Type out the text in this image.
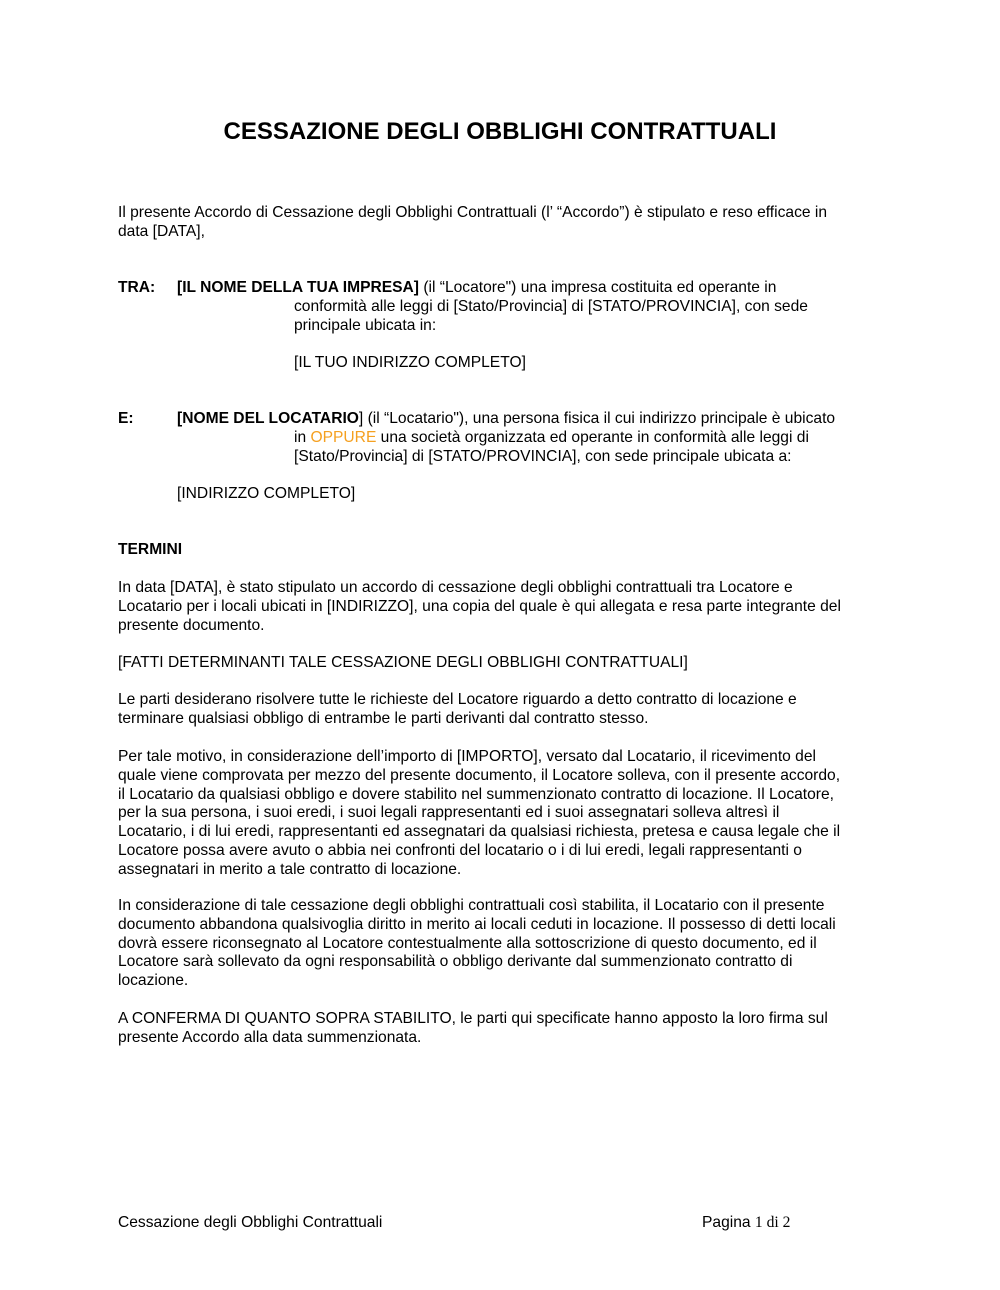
CESSAZIONE DEGLI OBBLIGHI CONTRATTUALI
Il presente Accordo di Cessazione degli Obblighi Contrattuali (l’ “Accordo”) è stipulato e reso efficace in
data [DATA],
TRA: [IL NOME DELLA TUA IMPRESA] (il “Locatore") una impresa costituita ed operante in
conformità alle leggi di [Stato/Provincia] di [STATO/PROVINCIA], con sede
principale ubicata in:
[IL TUO INDIRIZZO COMPLETO]
E:	[NOME DEL LOCATARIO] (il “Locatario"), una persona fisica il cui indirizzo principale è ubicato
in OPPURE una società organizzata ed operante in conformità alle leggi di
[Stato/Provincia] di [STATO/PROVINCIA], con sede principale ubicata a:
[INDIRIZZO COMPLETO]
TERMINI
In data [DATA], è stato stipulato un accordo di cessazione degli obblighi contrattuali tra Locatore e
Locatario per i locali ubicati in [INDIRIZZO], una copia del quale è qui allegata e resa parte integrante del
presente documento.
[FATTI DETERMINANTI TALE CESSAZIONE DEGLI OBBLIGHI CONTRATTUALI]
Le parti desiderano risolvere tutte le richieste del Locatore riguardo a detto contratto di locazione e
terminare qualsiasi obbligo di entrambe le parti derivanti dal contratto stesso.
Per tale motivo, in considerazione dell’importo di [IMPORTO], versato dal Locatario, il ricevimento del
quale viene comprovata per mezzo del presente documento, il Locatore solleva, con il presente accordo,
il Locatario da qualsiasi obbligo e dovere stabilito nel summenzionato contratto di locazione. Il Locatore,
per la sua persona, i suoi eredi, i suoi legali rappresentanti ed i suoi assegnatari solleva altresì il
Locatario, i di lui eredi, rappresentanti ed assegnatari da qualsiasi richiesta, pretesa e causa legale che il
Locatore possa avere avuto o abbia nei confronti del locatario o i di lui eredi, legali rappresentanti o
assegnatari in merito a tale contratto di locazione.
In considerazione di tale cessazione degli obblighi contrattuali così stabilita, il Locatario con il presente
documento abbandona qualsivoglia diritto in merito ai locali ceduti in locazione. Il possesso di detti locali
dovrà essere riconsegnato al Locatore contestualmente alla sottoscrizione di questo documento, ed il
Locatore sarà sollevato da ogni responsabilità o obbligo derivante dal summenzionato contratto di
locazione.
A CONFERMA DI QUANTO SOPRA STABILITO, le parti qui specificate hanno apposto la loro firma sul
presente Accordo alla data summenzionata.
Cessazione degli Obblighi Contrattuali	Pagina 1 di 2
